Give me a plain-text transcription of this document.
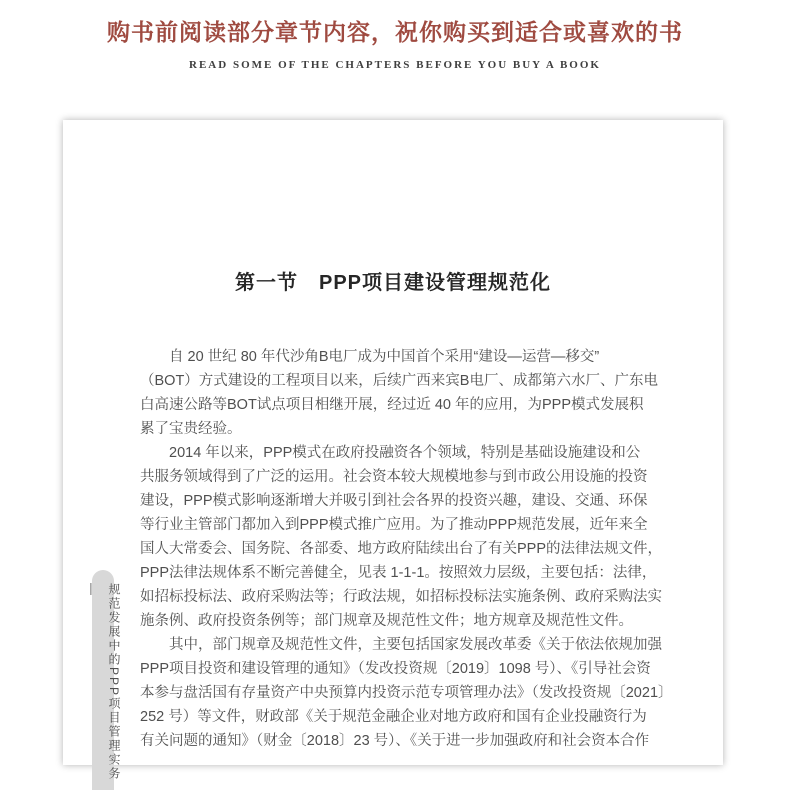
购书前阅读部分章节内容，祝你购买到适合或喜欢的书
READ SOME OF THE CHAPTERS BEFORE YOU BUY A BOOK
规范发展中的PPP项目管理实务—
第一节　PPP项目建设管理规范化
自 20 世纪 80 年代沙角B电厂成为中国首个采用“建设—运营—移交”
（BOT）方式建设的工程项目以来，后续广西来宾B电厂、成都第六水厂、广东电
白高速公路等BOT试点项目相继开展，经过近 40 年的应用，为PPP模式发展积
累了宝贵经验。
2014 年以来，PPP模式在政府投融资各个领域，特别是基础设施建设和公
共服务领域得到了广泛的运用。社会资本较大规模地参与到市政公用设施的投资
建设，PPP模式影响逐渐增大并吸引到社会各界的投资兴趣，建设、交通、环保
等行业主管部门都加入到PPP模式推广应用。为了推动PPP规范发展，近年来全
国人大常委会、国务院、各部委、地方政府陆续出台了有关PPP的法律法规文件，
PPP法律法规体系不断完善健全，见表 1-1-1。按照效力层级，主要包括：法律，
如招标投标法、政府采购法等；行政法规，如招标投标法实施条例、政府采购法实
施条例、政府投资条例等；部门规章及规范性文件；地方规章及规范性文件。
其中，部门规章及规范性文件，主要包括国家发展改革委《关于依法依规加强
PPP项目投资和建设管理的通知》（发改投资规〔2019〕1098 号）、《引导社会资
本参与盘活国有存量资产中央预算内投资示范专项管理办法》（发改投资规〔2021〕
252 号）等文件，财政部《关于规范金融企业对地方政府和国有企业投融资行为
有关问题的通知》（财金〔2018〕23 号）、《关于进一步加强政府和社会资本合作
